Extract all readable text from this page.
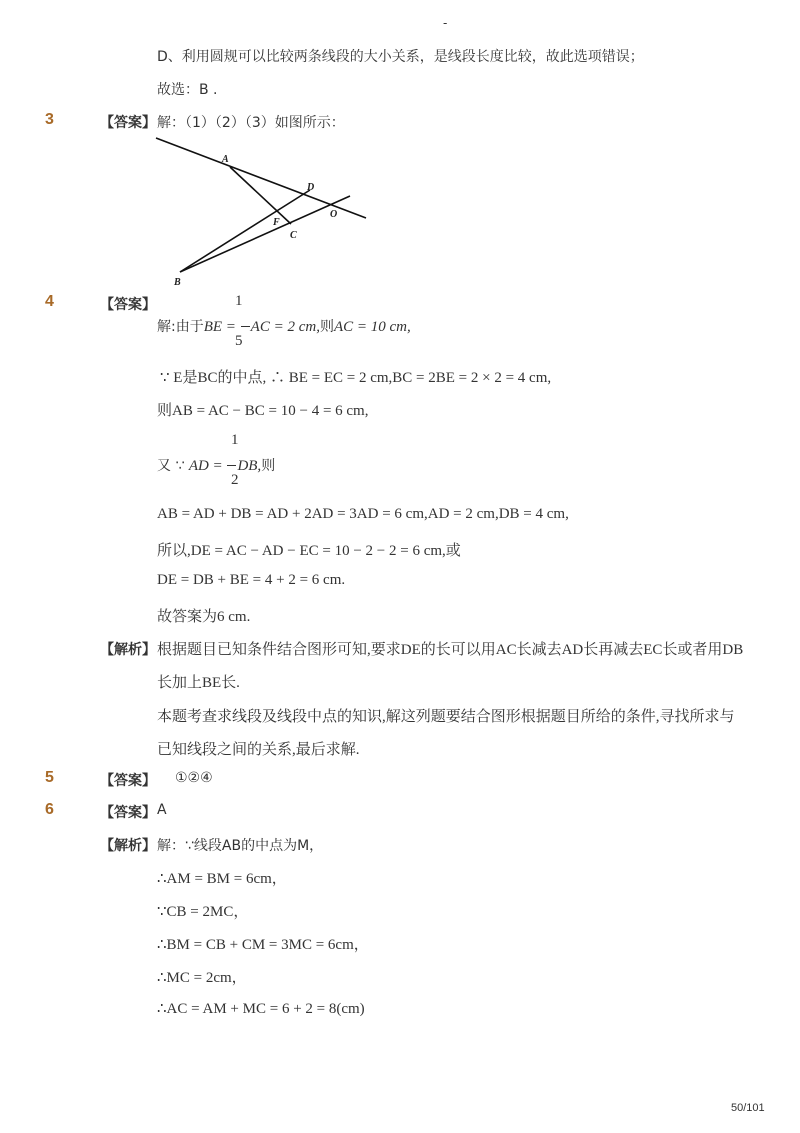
-
D、利用圆规可以比较两条线段的大小关系，是线段长度比较，故此选项错误；
故选：B .
3	【答案】 解：（1）（2）（3）如图所示：
A
D
F
O
C
B
4	【答案】	1
5
解:由于BE = AC = 2 cm,则AC = 10 cm,
∵ E是BC的中点, ∴ BE = EC = 2 cm,BC = 2BE = 2 × 2 = 4 cm,
则AB = AC − BC = 10 − 4 = 6 cm,
1
2
又 ∵ AD = DB,则
AB = AD + DB = AD + 2AD = 3AD = 6 cm,AD = 2 cm,DB = 4 cm,
所以,DE = AC − AD − EC = 10 − 2 − 2 = 6 cm,或
DE = DB + BE = 4 + 2 = 6 cm.
故答案为6 cm.
【解析】 根据题目已知条件结合图形可知,要求DE的长可以用AC长减去AD长再减去EC长或者用DB
长加上BE长.
本题考查求线段及线段中点的知识,解这列题要结合图形根据题目所给的条件,寻找所求与
已知线段之间的关系,最后求解.
5	【答案】 ①②④
6	【答案】 A
【解析】 解：∵线段AB的中点为M，
∴AM = BM = 6cm，
∵CB = 2MC，
∴BM = CB + CM = 3MC = 6cm，
∴MC = 2cm，
∴AC = AM + MC = 6 + 2 = 8(cm)
50/101
